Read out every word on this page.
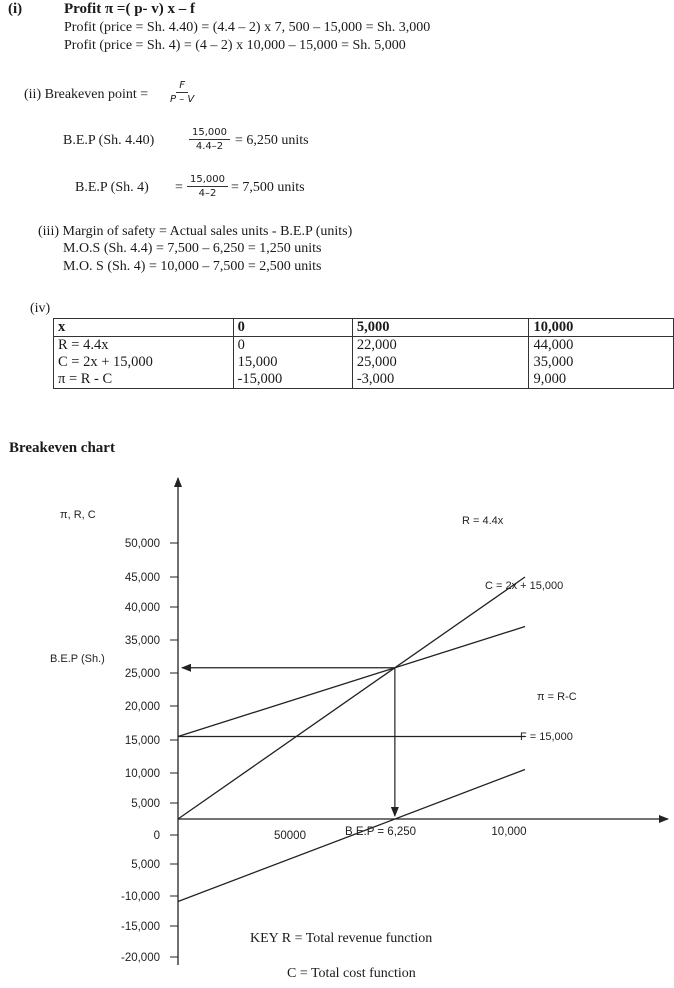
(i)	Profit π =( p- v) x – f
Profit (price = Sh. 4.40) = (4.4 – 2) x 7, 500 – 15,000 = Sh. 3,000
Profit (price = Sh. 4) = (4 – 2) x 10,000 – 15,000 = Sh. 5,000
(ii) Breakeven point = $\frac{F}{P - V}$
B.E.P (Sh. 4.40)	$\frac{15,000}{4.4-2} = 6,250$ units
B.E.P (Sh. $4) = \frac{15,000}{4-2} = 7,500$ units
(iii) Margin of safety = Actual sales units - B.E.P (units)
M.O.S (Sh. 4.4) = 7,500 – 6,250 = 1,250 units
M.O. S (Sh. 4) = 10,000 – 7,500 = 2,500 units
(iv)
x	0	5,000	10,000
R = 4.4x	0	22,000	44,000
C = 2x + 15,000	15,000	25,000	35,000
π = R - C	-15,000	-3,000	9,000
Breakeven chart
π, R, C
50,000
45,000
40,000
35,000
25,000
20,000
15,000
10,000
5,000
0
5,000
-10,000
-15,000
-20,000
50000	10,000
R = 4.4x
C = 2x + 15,000
π = R-C
F = 15,000
B.E.P (Sh.)
B.E.P = 6,250
KEY R = Total revenue function
C = Total cost function
